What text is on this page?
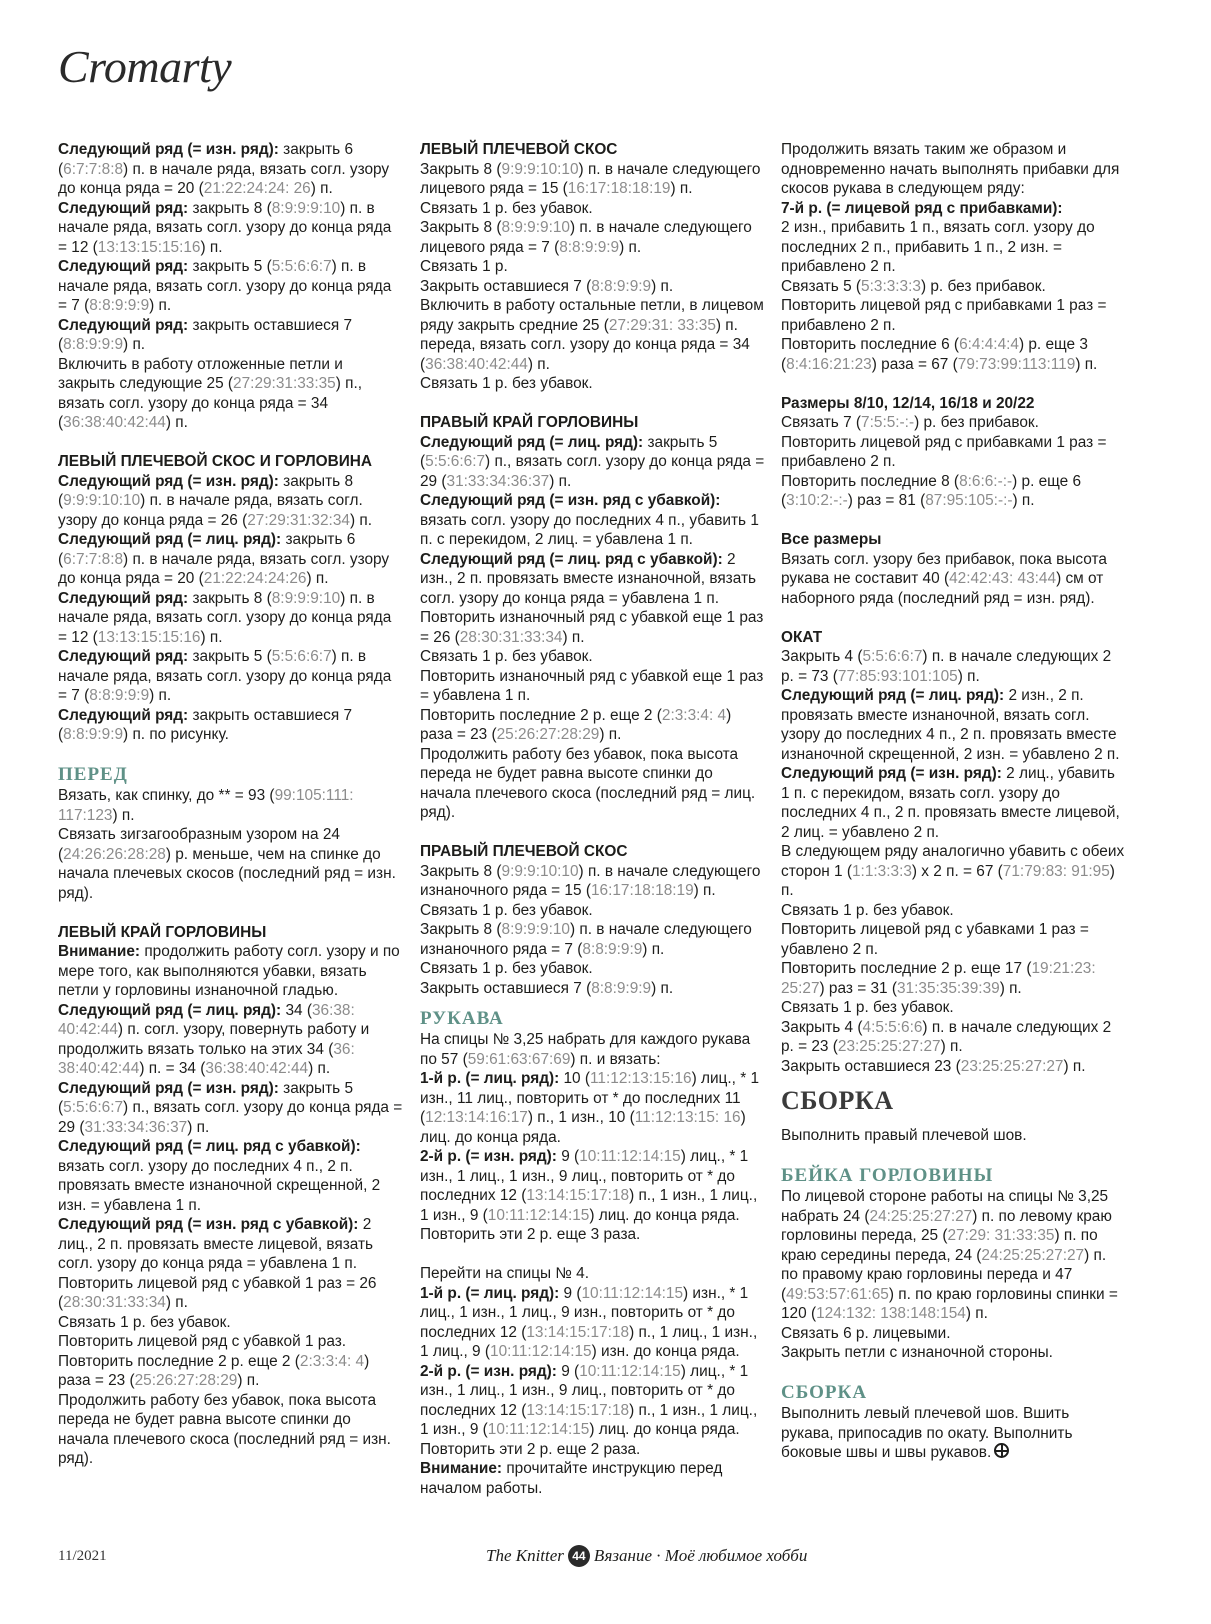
Cromarty

Следующий ряд (= изн. ряд): закрыть 6 (6:7:7:8:8) п. в начале ряда, вязать согл. узору до конца ряда = 20 (21:22:24:24: 26) п.

Следующий ряд: закрыть 8 (8:9:9:9:10) п. в начале ряда, вязать согл. узору до конца ряда = 12 (13:13:15:15:16) п.

Следующий ряд: закрыть 5 (5:5:6:6:7) п. в начале ряда, вязать согл. узору до конца ряда = 7 (8:8:9:9:9) п.

Следующий ряд: закрыть оставшиеся 7 (8:8:9:9:9) п.

Включить в работу отложенные петли и закрыть следующие 25 (27:29:31:33:35) п., вязать согл. узору до конца ряда = 34 (36:38:40:42:44) п.

ЛЕВЫЙ ПЛЕЧЕВОЙ СКОС И ГОРЛОВИНА

Следующий ряд (= изн. ряд): закрыть 8 (9:9:9:10:10) п. в начале ряда, вязать согл. узору до конца ряда = 26 (27:29:31:32:34) п.

Следующий ряд (= лиц. ряд): закрыть 6 (6:7:7:8:8) п. в начале ряда, вязать согл. узору до конца ряда = 20 (21:22:24:24:26) п.

Следующий ряд: закрыть 8 (8:9:9:9:10) п. в начале ряда, вязать согл. узору до конца ряда = 12 (13:13:15:15:16) п.

Следующий ряд: закрыть 5 (5:5:6:6:7) п. в начале ряда, вязать согл. узору до конца ряда = 7 (8:8:9:9:9) п.

Следующий ряд: закрыть оставшиеся 7 (8:8:9:9:9) п. по рисунку.

ПЕРЕД

Вязать, как спинку, до ** = 93 (99:105:111: 117:123) п.

Связать зигзагообразным узором на 24 (24:26:26:28:28) р. меньше, чем на спинке до начала плечевых скосов (последний ряд = изн. ряд).

ЛЕВЫЙ КРАЙ ГОРЛОВИНЫ

Внимание: продолжить работу согл. узору и по мере того, как выполняются убавки, вязать петли у горловины изнаночной гладью.

Следующий ряд (= лиц. ряд): 34 (36:38: 40:42:44) п. согл. узору, повернуть работу и продолжить вязать только на этих 34 (36: 38:40:42:44) п. = 34 (36:38:40:42:44) п.

Следующий ряд (= изн. ряд): закрыть 5 (5:5:6:6:7) п., вязать согл. узору до конца ряда = 29 (31:33:34:36:37) п.

Следующий ряд (= лиц. ряд с убавкой): вязать согл. узору до последних 4 п., 2 п. провязать вместе изнаночной скрещенной, 2 изн. = убавлена 1 п.

Следующий ряд (= изн. ряд с убавкой): 2 лиц., 2 п. провязать вместе лицевой, вязать согл. узору до конца ряда = убавлена 1 п.

Повторить лицевой ряд с убавкой 1 раз = 26 (28:30:31:33:34) п.

Связать 1 р. без убавок.

Повторить лицевой ряд с убавкой 1 раз.

Повторить последние 2 р. еще 2 (2:3:3:4: 4) раза = 23 (25:26:27:28:29) п.

Продолжить работу без убавок, пока высота переда не будет равна высоте спинки до начала плечевого скоса (последний ряд = изн. ряд).

ЛЕВЫЙ ПЛЕЧЕВОЙ СКОС

Закрыть 8 (9:9:9:10:10) п. в начале следующего лицевого ряда = 15 (16:17:18:18:19) п.

Связать 1 р. без убавок.

Закрыть 8 (8:9:9:9:10) п. в начале следующего лицевого ряда = 7 (8:8:9:9:9) п.

Связать 1 р.

Закрыть оставшиеся 7 (8:8:9:9:9) п.

Включить в работу остальные петли, в лицевом ряду закрыть средние 25 (27:29:31: 33:35) п. переда, вязать согл. узору до конца ряда = 34 (36:38:40:42:44) п.

Связать 1 р. без убавок.

ПРАВЫЙ КРАЙ ГОРЛОВИНЫ

Следующий ряд (= лиц. ряд): закрыть 5 (5:5:6:6:7) п., вязать согл. узору до конца ряда = 29 (31:33:34:36:37) п.

Следующий ряд (= изн. ряд с убавкой): вязать согл. узору до последних 4 п., убавить 1 п. с перекидом, 2 лиц. = убавлена 1 п.

Следующий ряд (= лиц. ряд с убавкой): 2 изн., 2 п. провязать вместе изнаночной, вязать согл. узору до конца ряда = убавлена 1 п.

Повторить изнаночный ряд с убавкой еще 1 раз = 26 (28:30:31:33:34) п.

Связать 1 р. без убавок.

Повторить изнаночный ряд с убавкой еще 1 раз = убавлена 1 п.

Повторить последние 2 р. еще 2 (2:3:3:4: 4) раза = 23 (25:26:27:28:29) п.

Продолжить работу без убавок, пока высота переда не будет равна высоте спинки до начала плечевого скоса (последний ряд = лиц. ряд).

ПРАВЫЙ ПЛЕЧЕВОЙ СКОС

Закрыть 8 (9:9:9:10:10) п. в начале следующего изнаночного ряда = 15 (16:17:18:18:19) п.

Связать 1 р. без убавок.

Закрыть 8 (8:9:9:9:10) п. в начале следующего изнаночного ряда = 7 (8:8:9:9:9) п.

Связать 1 р. без убавок.

Закрыть оставшиеся 7 (8:8:9:9:9) п.

РУКАВА

На спицы № 3,25 набрать для каждого рукава по 57 (59:61:63:67:69) п. и вязать:

1-й р. (= лиц. ряд): 10 (11:12:13:15:16) лиц., * 1 изн., 11 лиц., повторить от * до последних 11 (12:13:14:16:17) п., 1 изн., 10 (11:12:13:15: 16) лиц. до конца ряда.

2-й р. (= изн. ряд): 9 (10:11:12:14:15) лиц., * 1 изн., 1 лиц., 1 изн., 9 лиц., повторить от * до последних 12 (13:14:15:17:18) п., 1 изн., 1 лиц., 1 изн., 9 (10:11:12:14:15) лиц. до конца ряда.

Повторить эти 2 р. еще 3 раза.

Перейти на спицы № 4.

1-й р. (= лиц. ряд): 9 (10:11:12:14:15) изн., * 1 лиц., 1 изн., 1 лиц., 9 изн., повторить от * до последних 12 (13:14:15:17:18) п., 1 лиц., 1 изн., 1 лиц., 9 (10:11:12:14:15) изн. до конца ряда.

2-й р. (= изн. ряд): 9 (10:11:12:14:15) лиц., * 1 изн., 1 лиц., 1 изн., 9 лиц., повторить от * до последних 12 (13:14:15:17:18) п., 1 изн., 1 лиц., 1 изн., 9 (10:11:12:14:15) лиц. до конца ряда.

Повторить эти 2 р. еще 2 раза.

Внимание: прочитайте инструкцию перед началом работы.

Продолжить вязать таким же образом и одновременно начать выполнять прибавки для скосов рукава в следующем ряду:

7-й р. (= лицевой ряд с прибавками):

2 изн., прибавить 1 п., вязать согл. узору до последних 2 п., прибавить 1 п., 2 изн. = прибавлено 2 п.

Связать 5 (5:3:3:3:3) р. без прибавок.

Повторить лицевой ряд с прибавками 1 раз = прибавлено 2 п.

Повторить последние 6 (6:4:4:4:4) р. еще 3 (8:4:16:21:23) раза = 67 (79:73:99:113:119) п.

Размеры 8/10, 12/14, 16/18 и 20/22

Связать 7 (7:5:5:-:-) р. без прибавок.

Повторить лицевой ряд с прибавками 1 раз = прибавлено 2 п.

Повторить последние 8 (8:6:6:-:-) р. еще 6 (3:10:2:-:-) раз = 81 (87:95:105:-:-) п.

Все размеры

Вязать согл. узору без прибавок, пока высота рукава не составит 40 (42:42:43: 43:44) см от наборного ряда (последний ряд = изн. ряд).

ОКАТ

Закрыть 4 (5:5:6:6:7) п. в начале следующих 2 р. = 73 (77:85:93:101:105) п.

Следующий ряд (= лиц. ряд): 2 изн., 2 п. провязать вместе изнаночной, вязать согл. узору до последних 4 п., 2 п. провязать вместе изнаночной скрещенной, 2 изн. = убавлено 2 п.

Следующий ряд (= изн. ряд): 2 лиц., убавить 1 п. с перекидом, вязать согл. узору до последних 4 п., 2 п. провязать вместе лицевой, 2 лиц. = убавлено 2 п.

В следующем ряду аналогично убавить с обеих сторон 1 (1:1:3:3:3) х 2 п. = 67 (71:79:83: 91:95) п.

Связать 1 р. без убавок.

Повторить лицевой ряд с убавками 1 раз = убавлено 2 п.

Повторить последние 2 р. еще 17 (19:21:23: 25:27) раз = 31 (31:35:35:39:39) п.

Связать 1 р. без убавок.

Закрыть 4 (4:5:5:6:6) п. в начале следующих 2 р. = 23 (23:25:25:27:27) п.

Закрыть оставшиеся 23 (23:25:25:27:27) п.

СБОРКА

Выполнить правый плечевой шов.

БЕЙКА ГОРЛОВИНЫ

По лицевой стороне работы на спицы № 3,25 набрать 24 (24:25:25:27:27) п. по левому краю горловины переда, 25 (27:29: 31:33:35) п. по краю середины переда, 24 (24:25:25:27:27) п. по правому краю горловины переда и 47 (49:53:57:61:65) п. по краю горловины спинки = 120 (124:132: 138:148:154) п.

Связать 6 р. лицевыми.

Закрыть петли с изнаночной стороны.

СБОРКА

Выполнить левый плечевой шов. Вшить рукава, припосадив по окату. Выполнить боковые швы и швы рукавов.

11/2021	The Knitter 44 Вязание · Моё любимое хобби
